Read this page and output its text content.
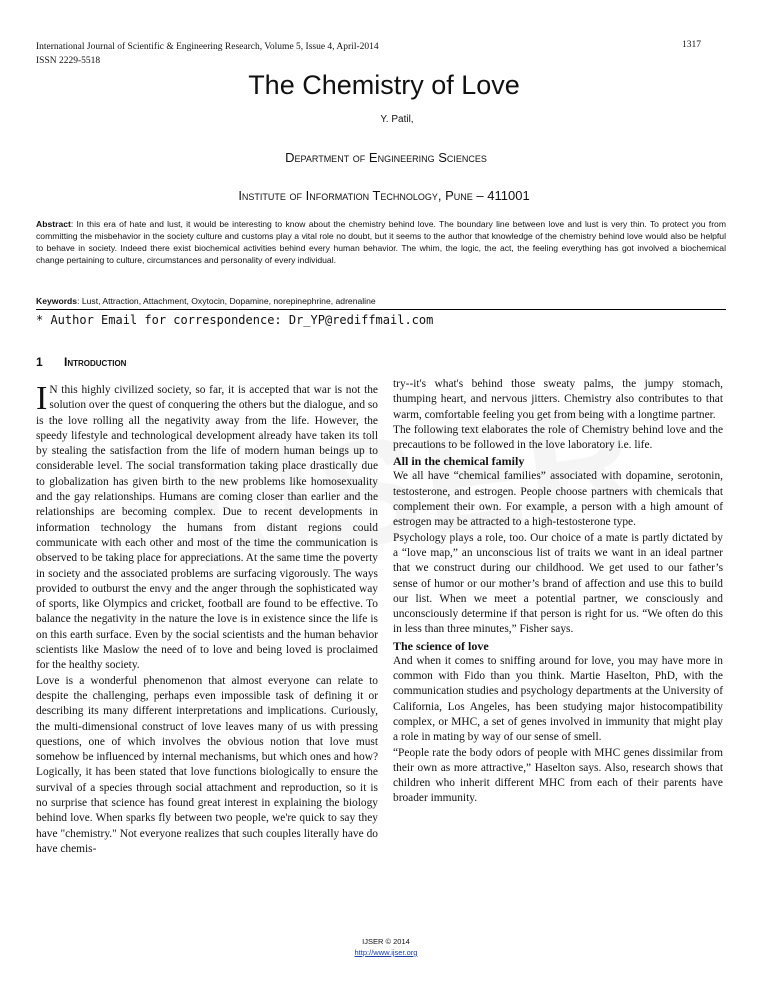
International Journal of Scientific & Engineering Research, Volume 5, Issue 4, April-2014
ISSN 2229-5518
1317
The Chemistry of Love
Y. Patil,
Department of Engineering Sciences
Institute of Information Technology, Pune – 411001
Abstract: In this era of hate and lust, it would be interesting to know about the chemistry behind love. The boundary line between love and lust is very thin. To protect you from committing the misbehavior in the society culture and customs play a vital role no doubt, but it seems to the author that knowledge of the chemistry behind love would also be helpful to behave in society. Indeed there exist biochemical activities behind every human behavior. The whim, the logic, the act, the feeling everything has got involved a biochemical change pertaining to culture, circumstances and personality of every individual.
Keywords: Lust, Attraction, Attachment, Oxytocin, Dopamine, norepinephrine, adrenaline
* Author Email for correspondence: Dr_YP@rediffmail.com
1 Introduction

I N this highly civilized society, so far, it is accepted that war is not the solution over the quest of conquering the others but the dialogue, and so is the love rolling all the negativity away from the life. However, the speedy lifestyle and technological development already have taken its toll by stealing the satisfaction from the life of modern human beings up to considerable level. The social transformation taking place drastically due to globalization has given birth to the new problems like homosexuality and the gay relationships. Humans are coming closer than earlier and the relationships are becoming complex. Due to recent developments in information technology the humans from distant regions could communicate with each other and most of the time the communication is observed to be taking place for appreciations. At the same time the poverty in society and the associated problems are surfacing vigorously. The ways provided to outburst the envy and the anger through the sophisticated way of sports, like Olympics and cricket, football are found to be effective. To balance the negativity in the nature the love is in existence since the life is on this earth surface. Even by the social scientists and the human behavior scientists like Maslow the need of to love and being loved is proclaimed for the healthy society.

Love is a wonderful phenomenon that almost everyone can relate to despite the challenging, perhaps even impossible task of defining it or describing its many different interpretations and implications. Curiously, the multi-dimensional construct of love leaves many of us with pressing questions, one of which involves the obvious notion that love must somehow be influenced by internal mechanisms, but which ones and how? Logically, it has been stated that love functions biologically to ensure the survival of a species through social attachment and reproduction, so it is no surprise that science has found great interest in explaining the biology behind love. When sparks fly between two people, we're quick to say they have "chemistry." Not everyone realizes that such couples literally have do have chemis-

try--it's what's behind those sweaty palms, the jumpy stomach, thumping heart, and nervous jitters. Chemistry also contributes to that warm, comfortable feeling you get from being with a longtime partner.

The following text elaborates the role of Chemistry behind love and the precautions to be followed in the love laboratory i.e. life.

All in the chemical family

We all have “chemical families” associated with dopamine, serotonin, testosterone, and estrogen. People choose partners with chemicals that complement their own. For example, a person with a high amount of estrogen may be attracted to a high-testosterone type.

Psychology plays a role, too. Our choice of a mate is partly dictated by a “love map,” an unconscious list of traits we want in an ideal partner that we construct during our childhood. We get used to our father’s sense of humor or our mother’s brand of affection and use this to build our list. When we meet a potential partner, we consciously and unconsciously determine if that person is right for us. “We often do this in less than three minutes,” Fisher says.

The science of love

And when it comes to sniffing around for love, you may have more in common with Fido than you think. Martie Haselton, PhD, with the communication studies and psychology departments at the University of California, Los Angeles, has been studying major histocompatibility complex, or MHC, a set of genes involved in immunity that might play a role in mating by way of our sense of smell.

“People rate the body odors of people with MHC genes dissimilar from their own as more attractive,” Haselton says. Also, research shows that children who inherit different MHC from each of their parents have broader immunity.

IJSER © 2014
http://www.ijser.org
